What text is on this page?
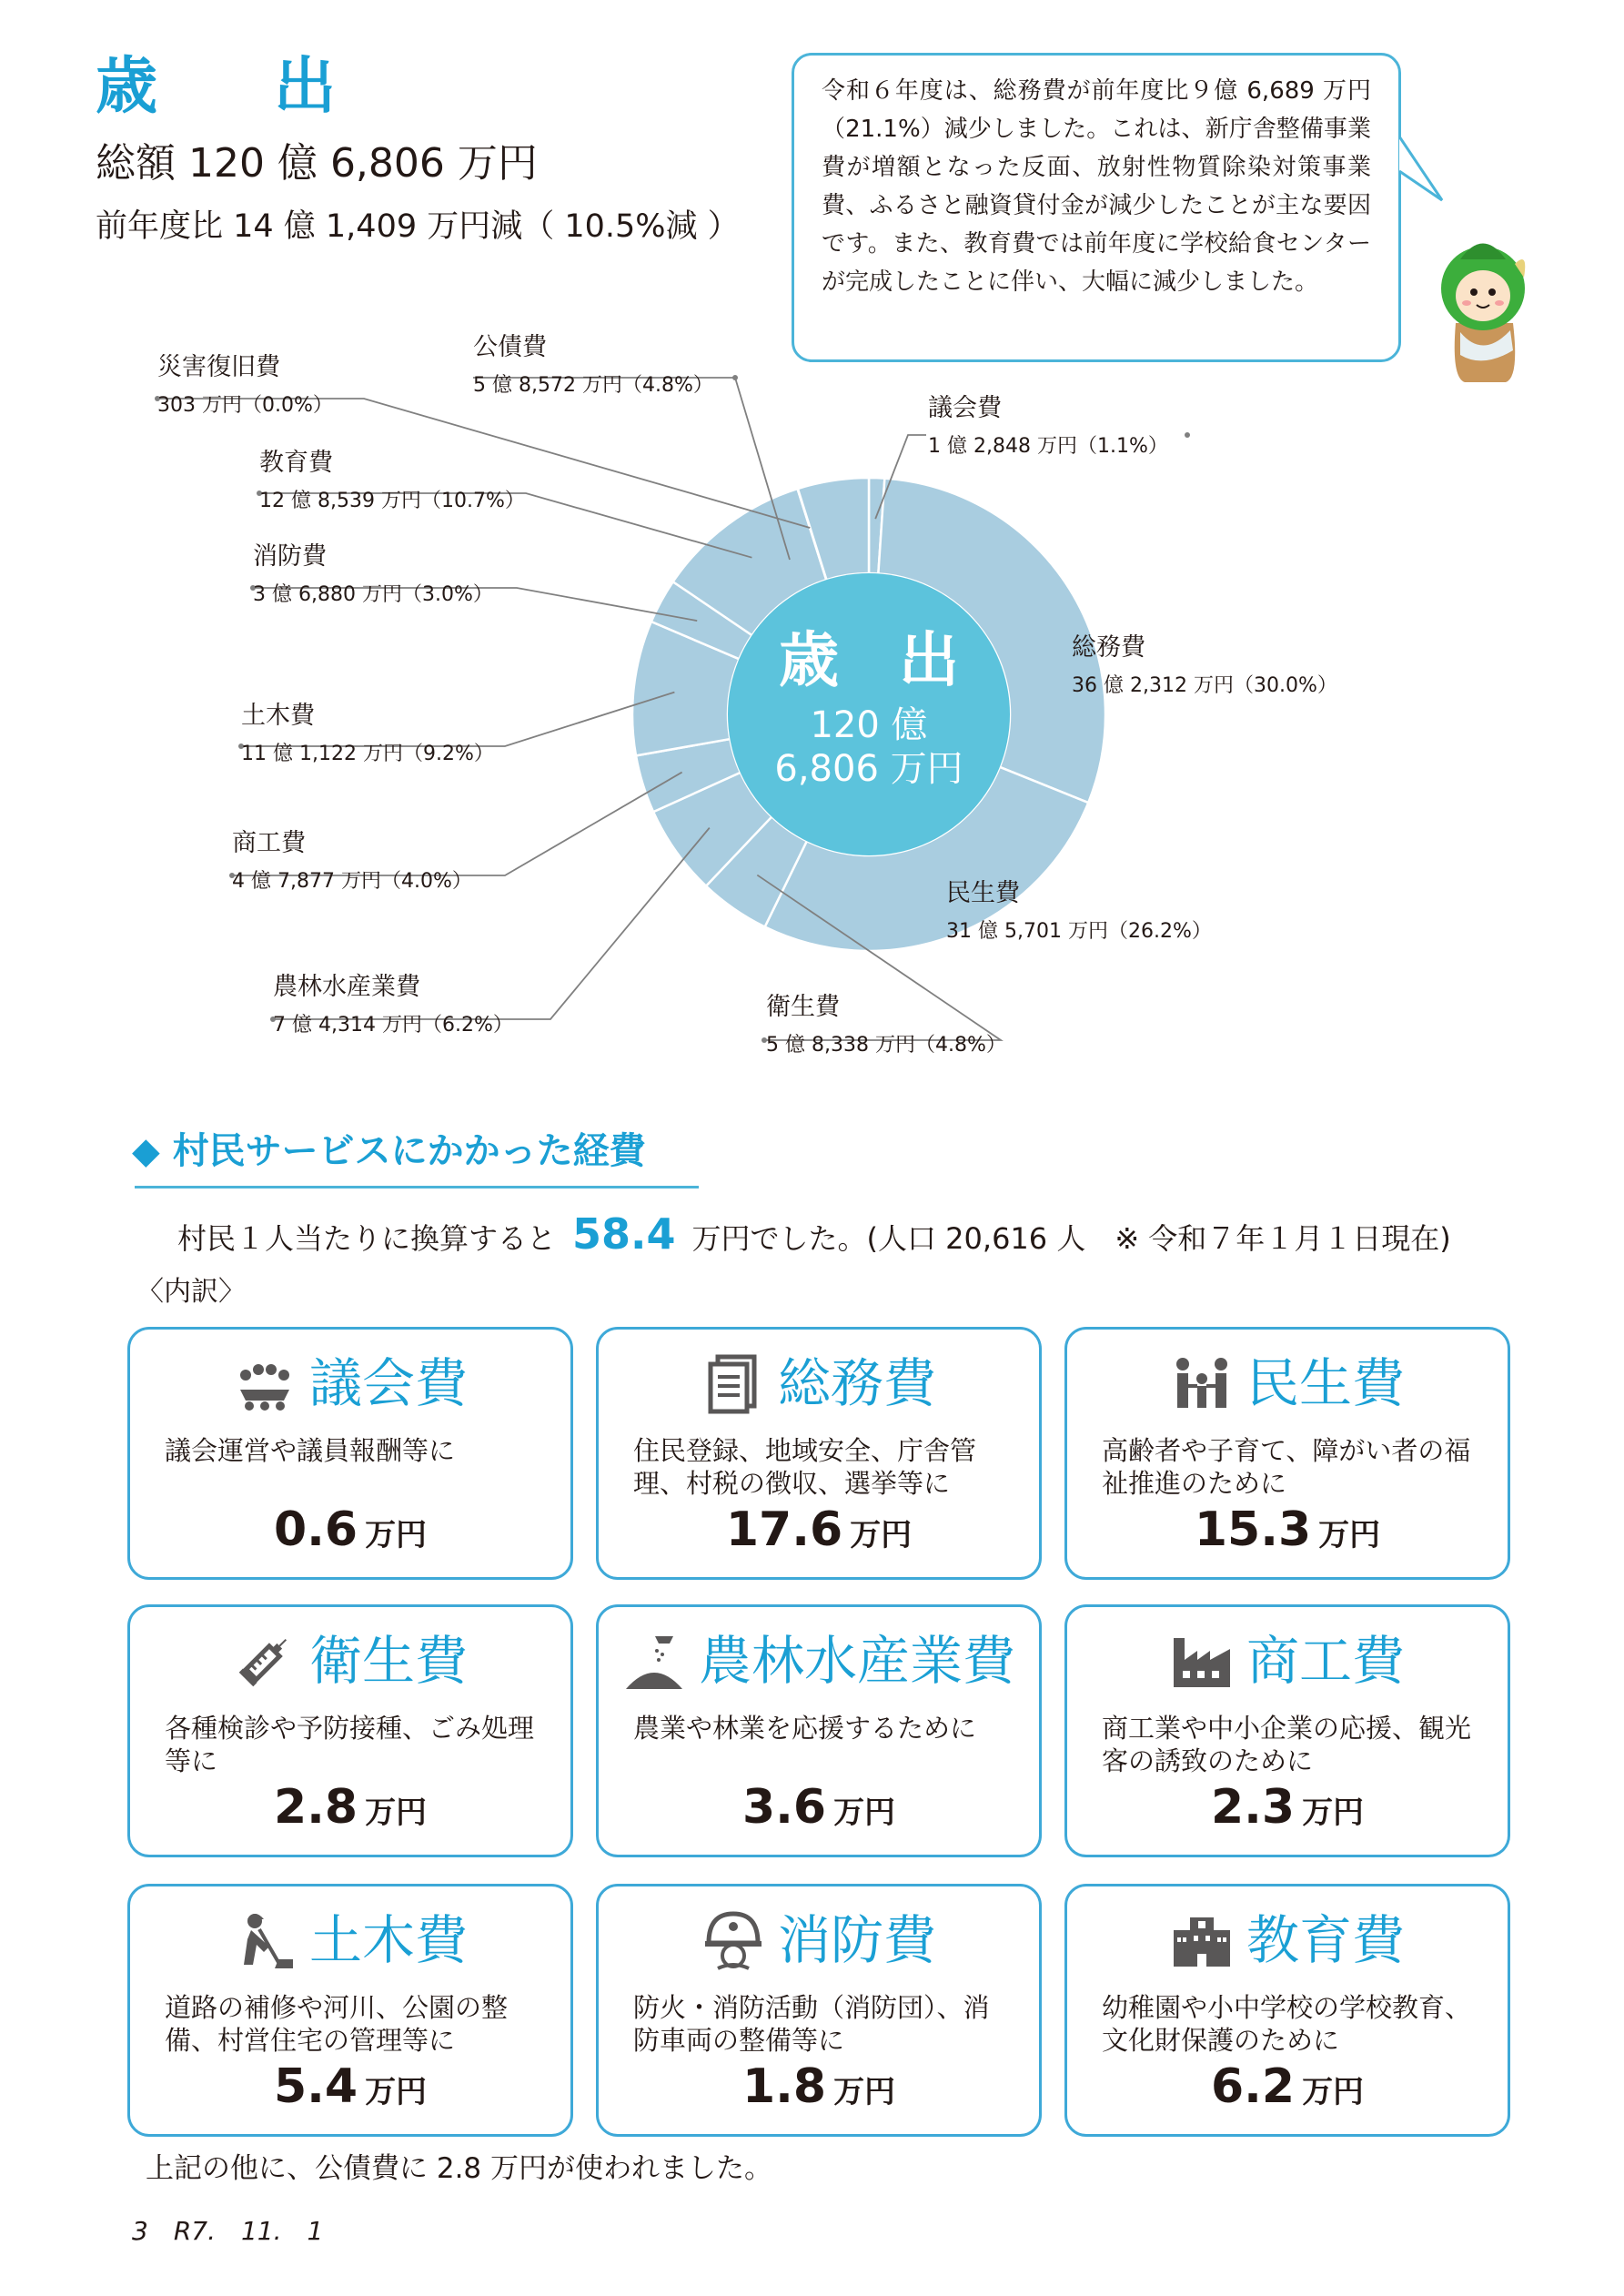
歳　出
総額 120 億 6,806 万円
前年度比 14 億 1,409 万円減（ 10.5%減 ）
令和６年度は、総務費が前年度比９億 6,689 万円（21.1%）減少しました。これは、新庁舎整備事業費が増額となった反面、放射性物質除染対策事業費、ふるさと融資貸付金が減少したことが主な要因です。また、教育費では前年度に学校給食センターが完成したことに伴い、大幅に減少しました。
歳　出
120 億
6,806 万円
議会費
1 億 2,848 万円（1.1%）
総務費
36 億 2,312 万円（30.0%）
民生費
31 億 5,701 万円（26.2%）
衛生費
5 億 8,338 万円（4.8%）
農林水産業費
7 億 4,314 万円（6.2%）
商工費
4 億 7,877 万円（4.0%）
土木費
11 億 1,122 万円（9.2%）
消防費
3 億 6,880 万円（3.0%）
教育費
12 億 8,539 万円（10.7%）
災害復旧費
303 万円（0.0%）
公債費
5 億 8,572 万円（4.8%）
◆ 村民サービスにかかった経費
村民１人当たりに換算すると 58.4 万円でした。(人口 20,616 人　※ 令和７年１月１日現在)
〈内訳〉
議会費
議会運営や議員報酬等に
0.6 万円
総務費
住民登録、地域安全、庁舎管理、村税の徴収、選挙等に
17.6 万円
民生費
高齢者や子育て、障がい者の福祉推進のために
15.3 万円
衛生費
各種検診や予防接種、ごみ処理等に
2.8 万円
農林水産業費
農業や林業を応援するために
3.6 万円
商工費
商工業や中小企業の応援、観光客の誘致のために
2.3 万円
土木費
道路の補修や河川、公園の整備、村営住宅の管理等に
5.4 万円
消防費
防火・消防活動（消防団）、消防車両の整備等に
1.8 万円
教育費
幼稚園や小中学校の学校教育、文化財保護のために
6.2 万円
上記の他に、公債費に 2.8 万円が使われました。
3　R7.　11.　1
